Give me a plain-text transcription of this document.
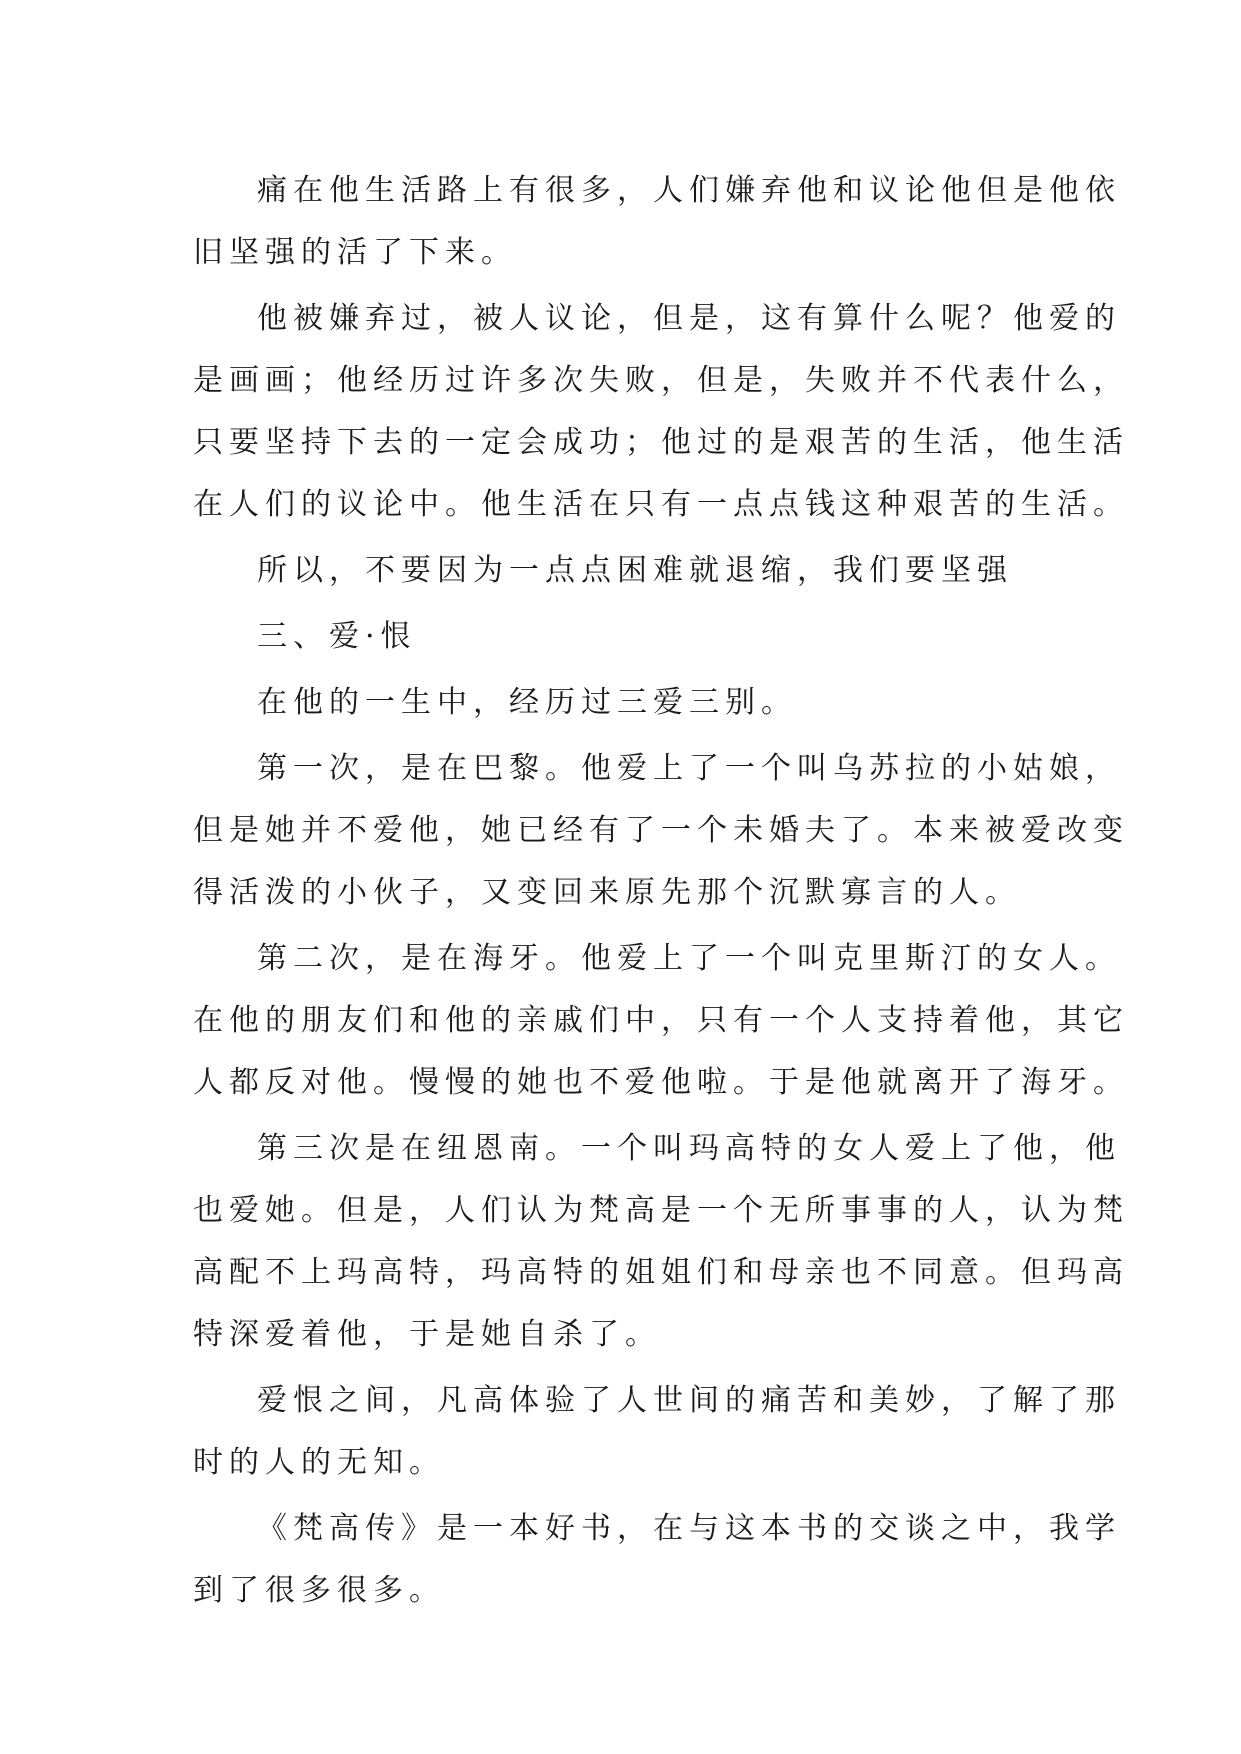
痛在他生活路上有很多，人们嫌弃他和议论他但是他依
旧坚强的活了下来。

他被嫌弃过，被人议论，但是，这有算什么呢？他爱的
是画画；他经历过许多次失败，但是，失败并不代表什么，
只要坚持下去的一定会成功；他过的是艰苦的生活，他生活
在人们的议论中。他生活在只有一点点钱这种艰苦的生活。

所以，不要因为一点点困难就退缩，我们要坚强

三、爱·恨

在他的一生中，经历过三爱三别。

第一次，是在巴黎。他爱上了一个叫乌苏拉的小姑娘，
但是她并不爱他，她已经有了一个未婚夫了。本来被爱改变
得活泼的小伙子，又变回来原先那个沉默寡言的人。

第二次，是在海牙。他爱上了一个叫克里斯汀的女人。
在他的朋友们和他的亲戚们中，只有一个人支持着他，其它
人都反对他。慢慢的她也不爱他啦。于是他就离开了海牙。

第三次是在纽恩南。一个叫玛高特的女人爱上了他，他
也爱她。但是，人们认为梵高是一个无所事事的人，认为梵
高配不上玛高特，玛高特的姐姐们和母亲也不同意。但玛高
特深爱着他，于是她自杀了。

爱恨之间，凡高体验了人世间的痛苦和美妙，了解了那
时的人的无知。

《梵高传》是一本好书，在与这本书的交谈之中，我学
到了很多很多。
